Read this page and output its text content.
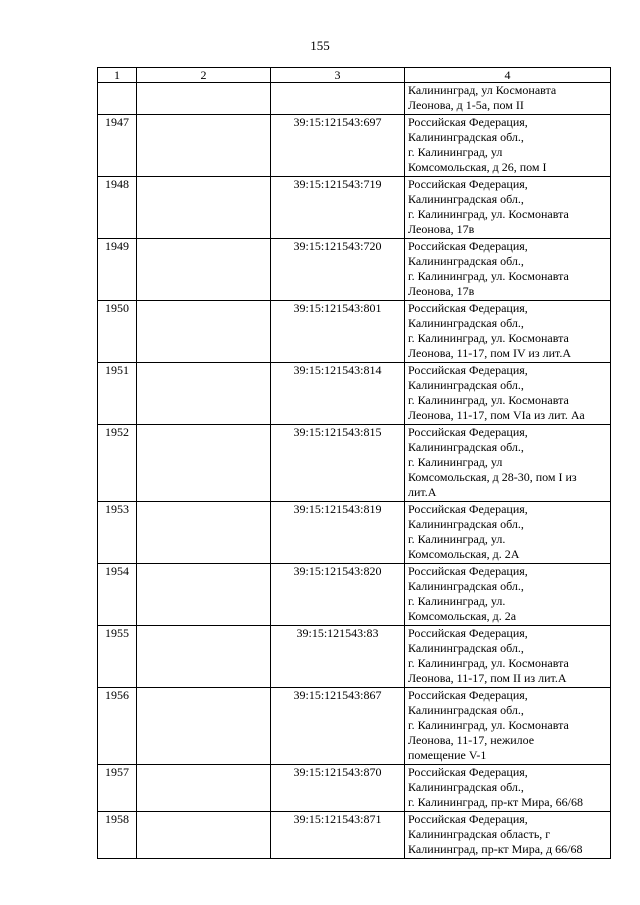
155
1	2	3	4
			Калининград, ул Космонавта
Леонова, д 1-5а, пом II
1947		39:15:121543:697	Российская Федерация,
Калининградская обл.,
г. Калининград, ул
Комсомольская, д 26, пом I
1948		39:15:121543:719	Российская Федерация,
Калининградская обл.,
г. Калининград, ул. Космонавта
Леонова, 17в
1949		39:15:121543:720	Российская Федерация,
Калининградская обл.,
г. Калининград, ул. Космонавта
Леонова, 17в
1950		39:15:121543:801	Российская Федерация,
Калининградская обл.,
г. Калининград, ул. Космонавта
Леонова, 11-17, пом IV из лит.А
1951		39:15:121543:814	Российская Федерация,
Калининградская обл.,
г. Калининград, ул. Космонавта
Леонова, 11-17, пом VIa из лит. Аа
1952		39:15:121543:815	Российская Федерация,
Калининградская обл.,
г. Калининград, ул
Комсомольская, д 28-30, пом I из
лит.А
1953		39:15:121543:819	Российская Федерация,
Калининградская обл.,
г. Калининград, ул.
Комсомольская, д. 2А
1954		39:15:121543:820	Российская Федерация,
Калининградская обл.,
г. Калининград, ул.
Комсомольская, д. 2а
1955		39:15:121543:83	Российская Федерация,
Калининградская обл.,
г. Калининград, ул. Космонавта
Леонова, 11-17, пом II из лит.А
1956		39:15:121543:867	Российская Федерация,
Калининградская обл.,
г. Калининград, ул. Космонавта
Леонова, 11-17, нежилое
помещение V-1
1957		39:15:121543:870	Российская Федерация,
Калининградская обл.,
г. Калининград, пр-кт Мира, 66/68
1958		39:15:121543:871	Российская Федерация,
Калининградская область, г
Калининград, пр-кт Мира, д 66/68
